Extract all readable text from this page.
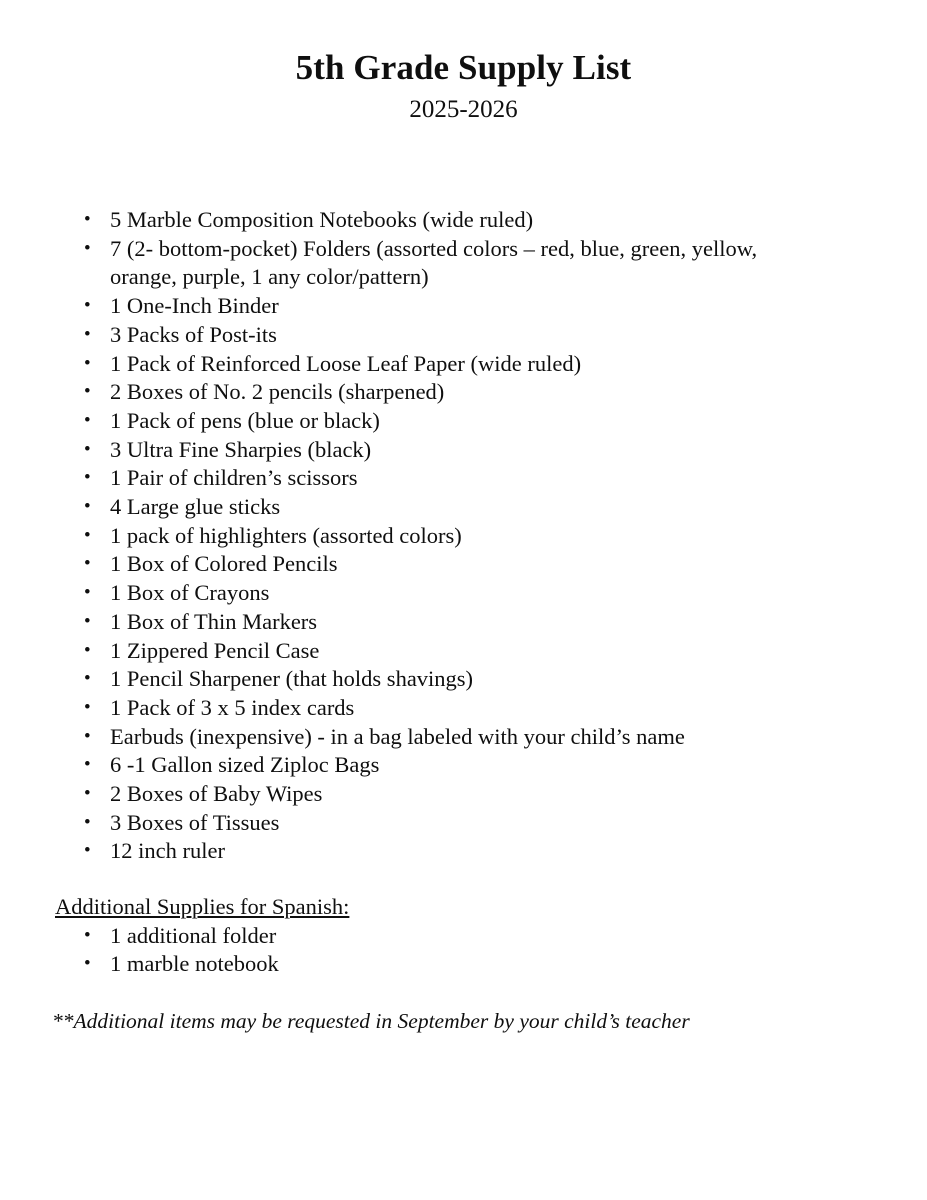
5th Grade Supply List
2025-2026
• 5 Marble Composition Notebooks (wide ruled)
• 7 (2- bottom-pocket) Folders (assorted colors – red, blue, green, yellow, orange, purple, 1 any color/pattern)
• 1 One-Inch Binder
• 3 Packs of Post-its
• 1 Pack of Reinforced Loose Leaf Paper (wide ruled)
• 2 Boxes of No. 2 pencils (sharpened)
• 1 Pack of pens (blue or black)
• 3 Ultra Fine Sharpies (black)
• 1 Pair of children’s scissors
• 4 Large glue sticks
• 1 pack of highlighters (assorted colors)
• 1 Box of Colored Pencils
• 1 Box of Crayons
• 1 Box of Thin Markers
• 1 Zippered Pencil Case
• 1 Pencil Sharpener (that holds shavings)
• 1 Pack of 3 x 5 index cards
• Earbuds (inexpensive) - in a bag labeled with your child’s name
• 6 -1 Gallon sized Ziploc Bags
• 2 Boxes of Baby Wipes
• 3 Boxes of Tissues
• 12 inch ruler
Additional Supplies for Spanish:
• 1 additional folder
• 1 marble notebook
**Additional items may be requested in September by your child’s teacher
